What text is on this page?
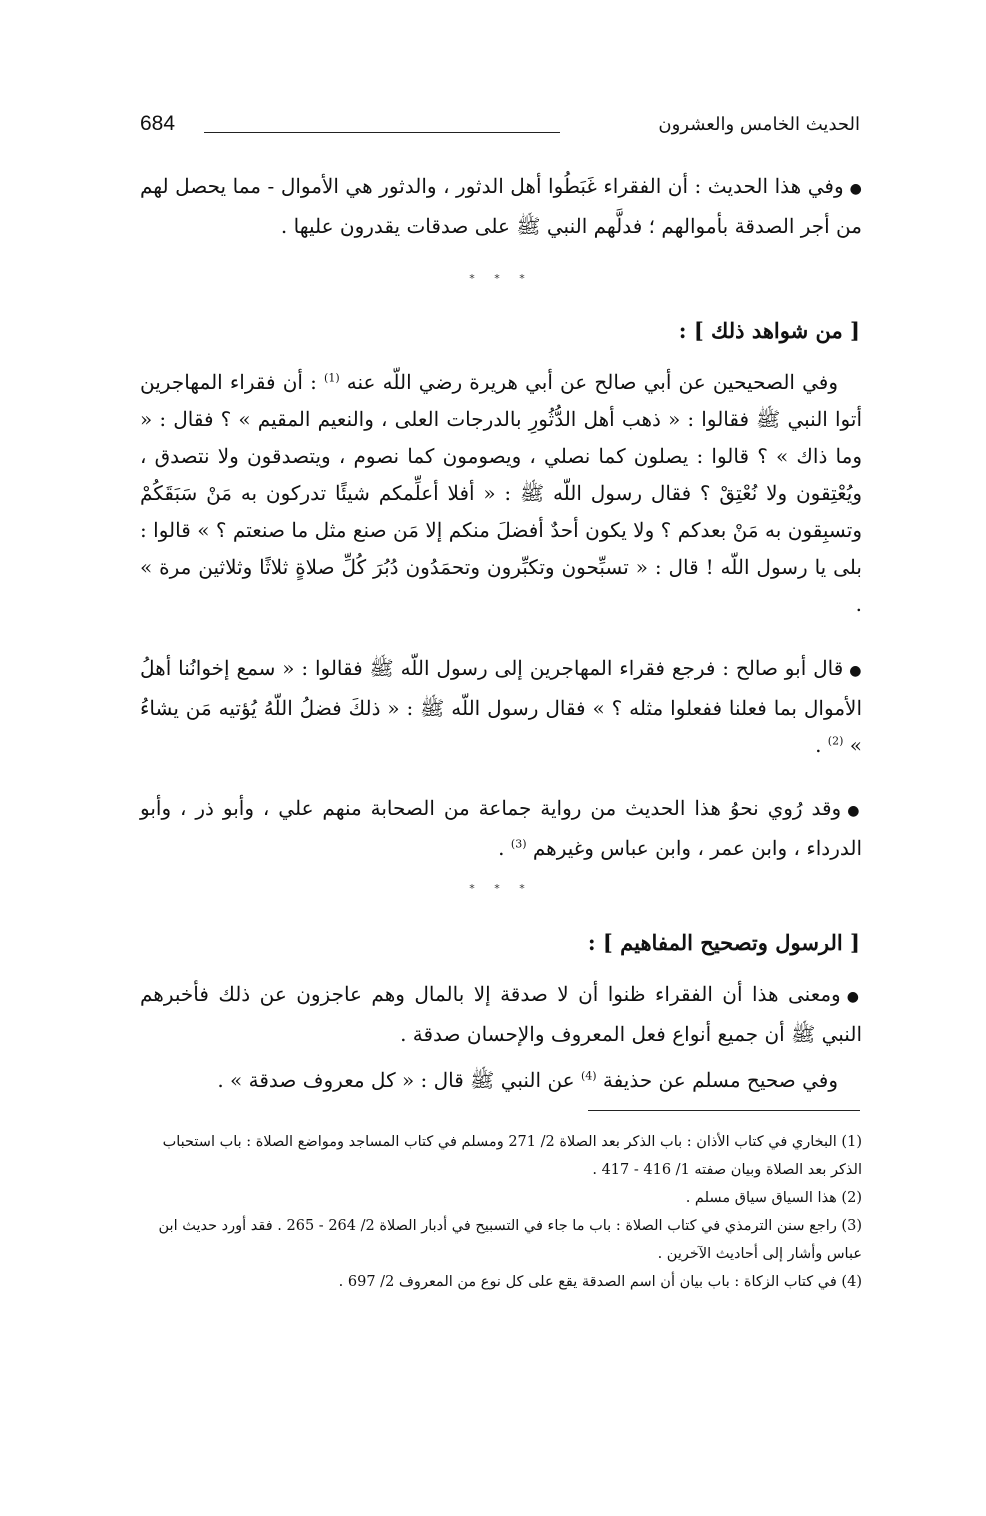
684	الحديث الخامس والعشرون

●وفي هذا الحديث : أن الفقراء غَبَطُوا أهل الدثور ، والدثور هي الأموال - مما يحصل لهم من أجر الصدقة بأموالهم ؛ فدلَّهم النبي ﷺ على صدقات يقدرون عليها .

* * *
[ من شواهد ذلك ] :

وفي الصحيحين عن أبي صالح عن أبي هريرة رضي اللّه عنه $^{(1)}$ : أن فقراء المهاجرين أتوا النبي ﷺ فقالوا : « ذهب أهل الدُّثُورِ بالدرجات العلى ، والنعيم المقيم » ؟ فقال : « وما ذاك » ؟ قالوا : يصلون كما نصلي ، ويصومون كما نصوم ، ويتصدقون ولا نتصدق ، ويُعْتِقون ولا نُعْتِقْ ؟ فقال رسول اللّه ﷺ : « أفلا أعلِّمكم شيئًا تدركون به مَنْ سَبَقَكُمْ وتسبِقون به مَنْ بعدكم ؟ ولا يكون أحدٌ أفضلَ منكم إلا مَن صنع مثل ما صنعتم ؟ » قالوا : بلى يا رسول اللّه ! قال : « تسبِّحون وتكبِّرون وتحمَدُون دُبُرَ كُلِّ صلاةٍ ثلاثًا وثلاثين مرة » .

●قال أبو صالح : فرجع فقراء المهاجرين إلى رسول اللّه ﷺ فقالوا : « سمع إخوانُنا أهلُ الأموال بما فعلنا ففعلوا مثله ؟ » فقال رسول اللّه ﷺ : « ذلكَ فضلُ اللّهُ يُؤتيه مَن يشاءُ » $^{(2)}$ .

●وقد رُوي نحوُ هذا الحديث من رواية جماعة من الصحابة منهم علي ، وأبو ذر ، وأبو الدرداء ، وابن عمر ، وابن عباس وغيرهم $^{(3)}$ .

* * *
[ الرسول وتصحيح المفاهيم ] :

●ومعنى هذا أن الفقراء ظنوا أن لا صدقة إلا بالمال وهم عاجزون عن ذلك فأخبرهم النبي ﷺ أن جميع أنواع فعل المعروف والإحسان صدقة .

وفي صحيح مسلم عن حذيفة $^{(4)}$ عن النبي ﷺ قال : « كل معروف صدقة » .

(1) البخاري في كتاب الأذان : باب الذكر بعد الصلاة 2/ 271 ومسلم في كتاب المساجد ومواضع الصلاة : باب استحباب الذكر بعد الصلاة وبيان صفته 1/ 416 - 417 .

(2) هذا السياق سياق مسلم .

(3) راجع سنن الترمذي في كتاب الصلاة : باب ما جاء في التسبيح في أدبار الصلاة 2/ 264 - 265 . فقد أورد حديث ابن عباس وأشار إلى أحاديث الآخرين .

(4) في كتاب الزكاة : باب بيان أن اسم الصدقة يقع على كل نوع من المعروف 2/ 697 .
